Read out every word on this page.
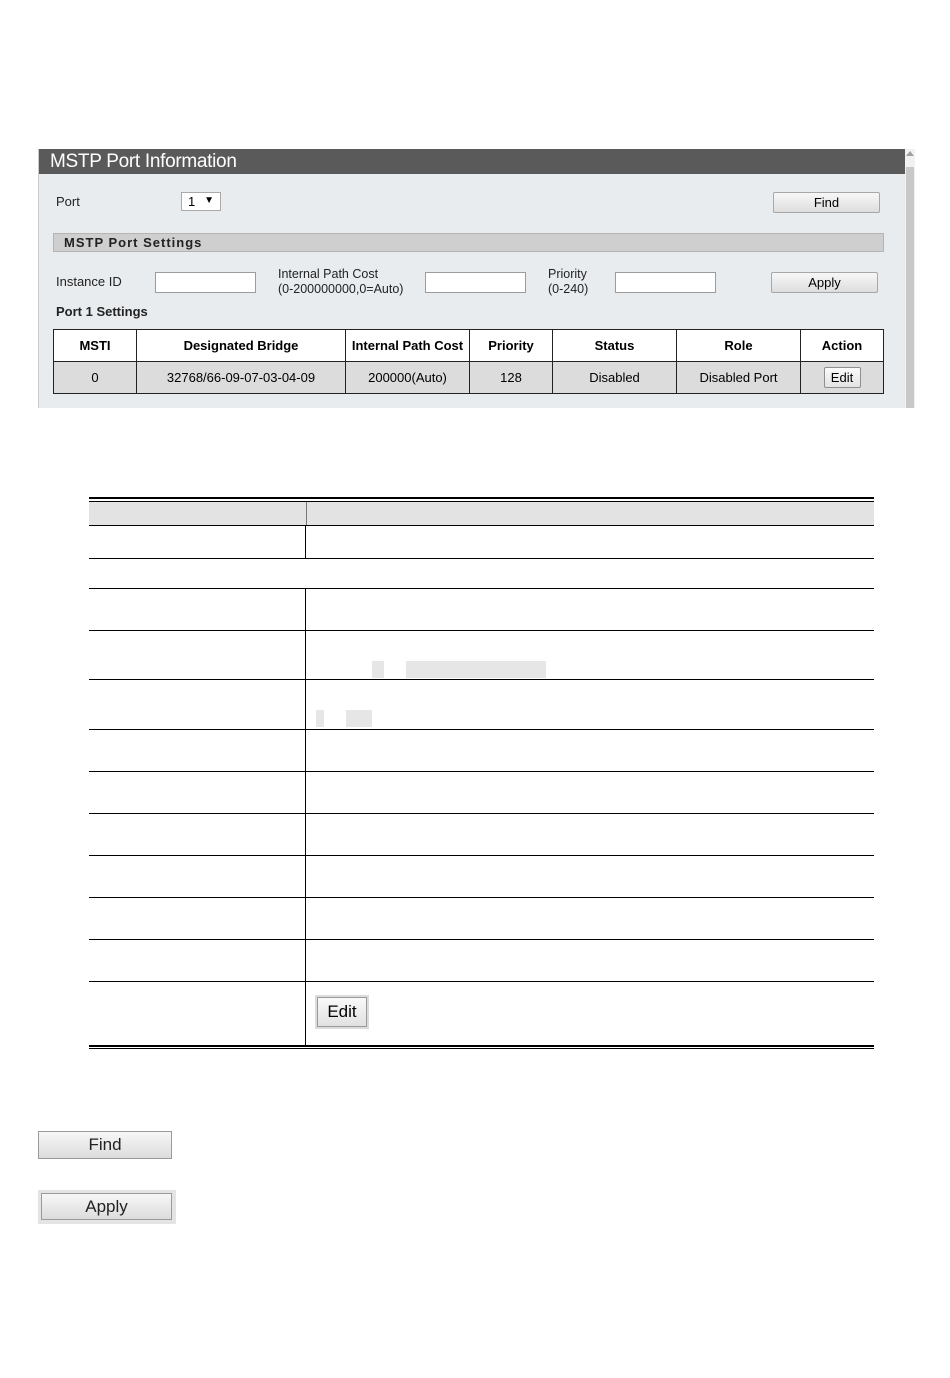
MSTP Port Information
Port	1 ▼	Find
MSTP Port Settings
Instance ID	Internal Path Cost
(0-200000000,0=Auto)
Priority
(0-240)	Apply
Port 1 Settings
MSTI	Designated Bridge	Internal Path Cost	Priority	Status	Role	Action
0	32768/66-09-07-03-04-09	200000(Auto)	128	Disabled	Disabled Port	Edit
Edit
Find
Apply
